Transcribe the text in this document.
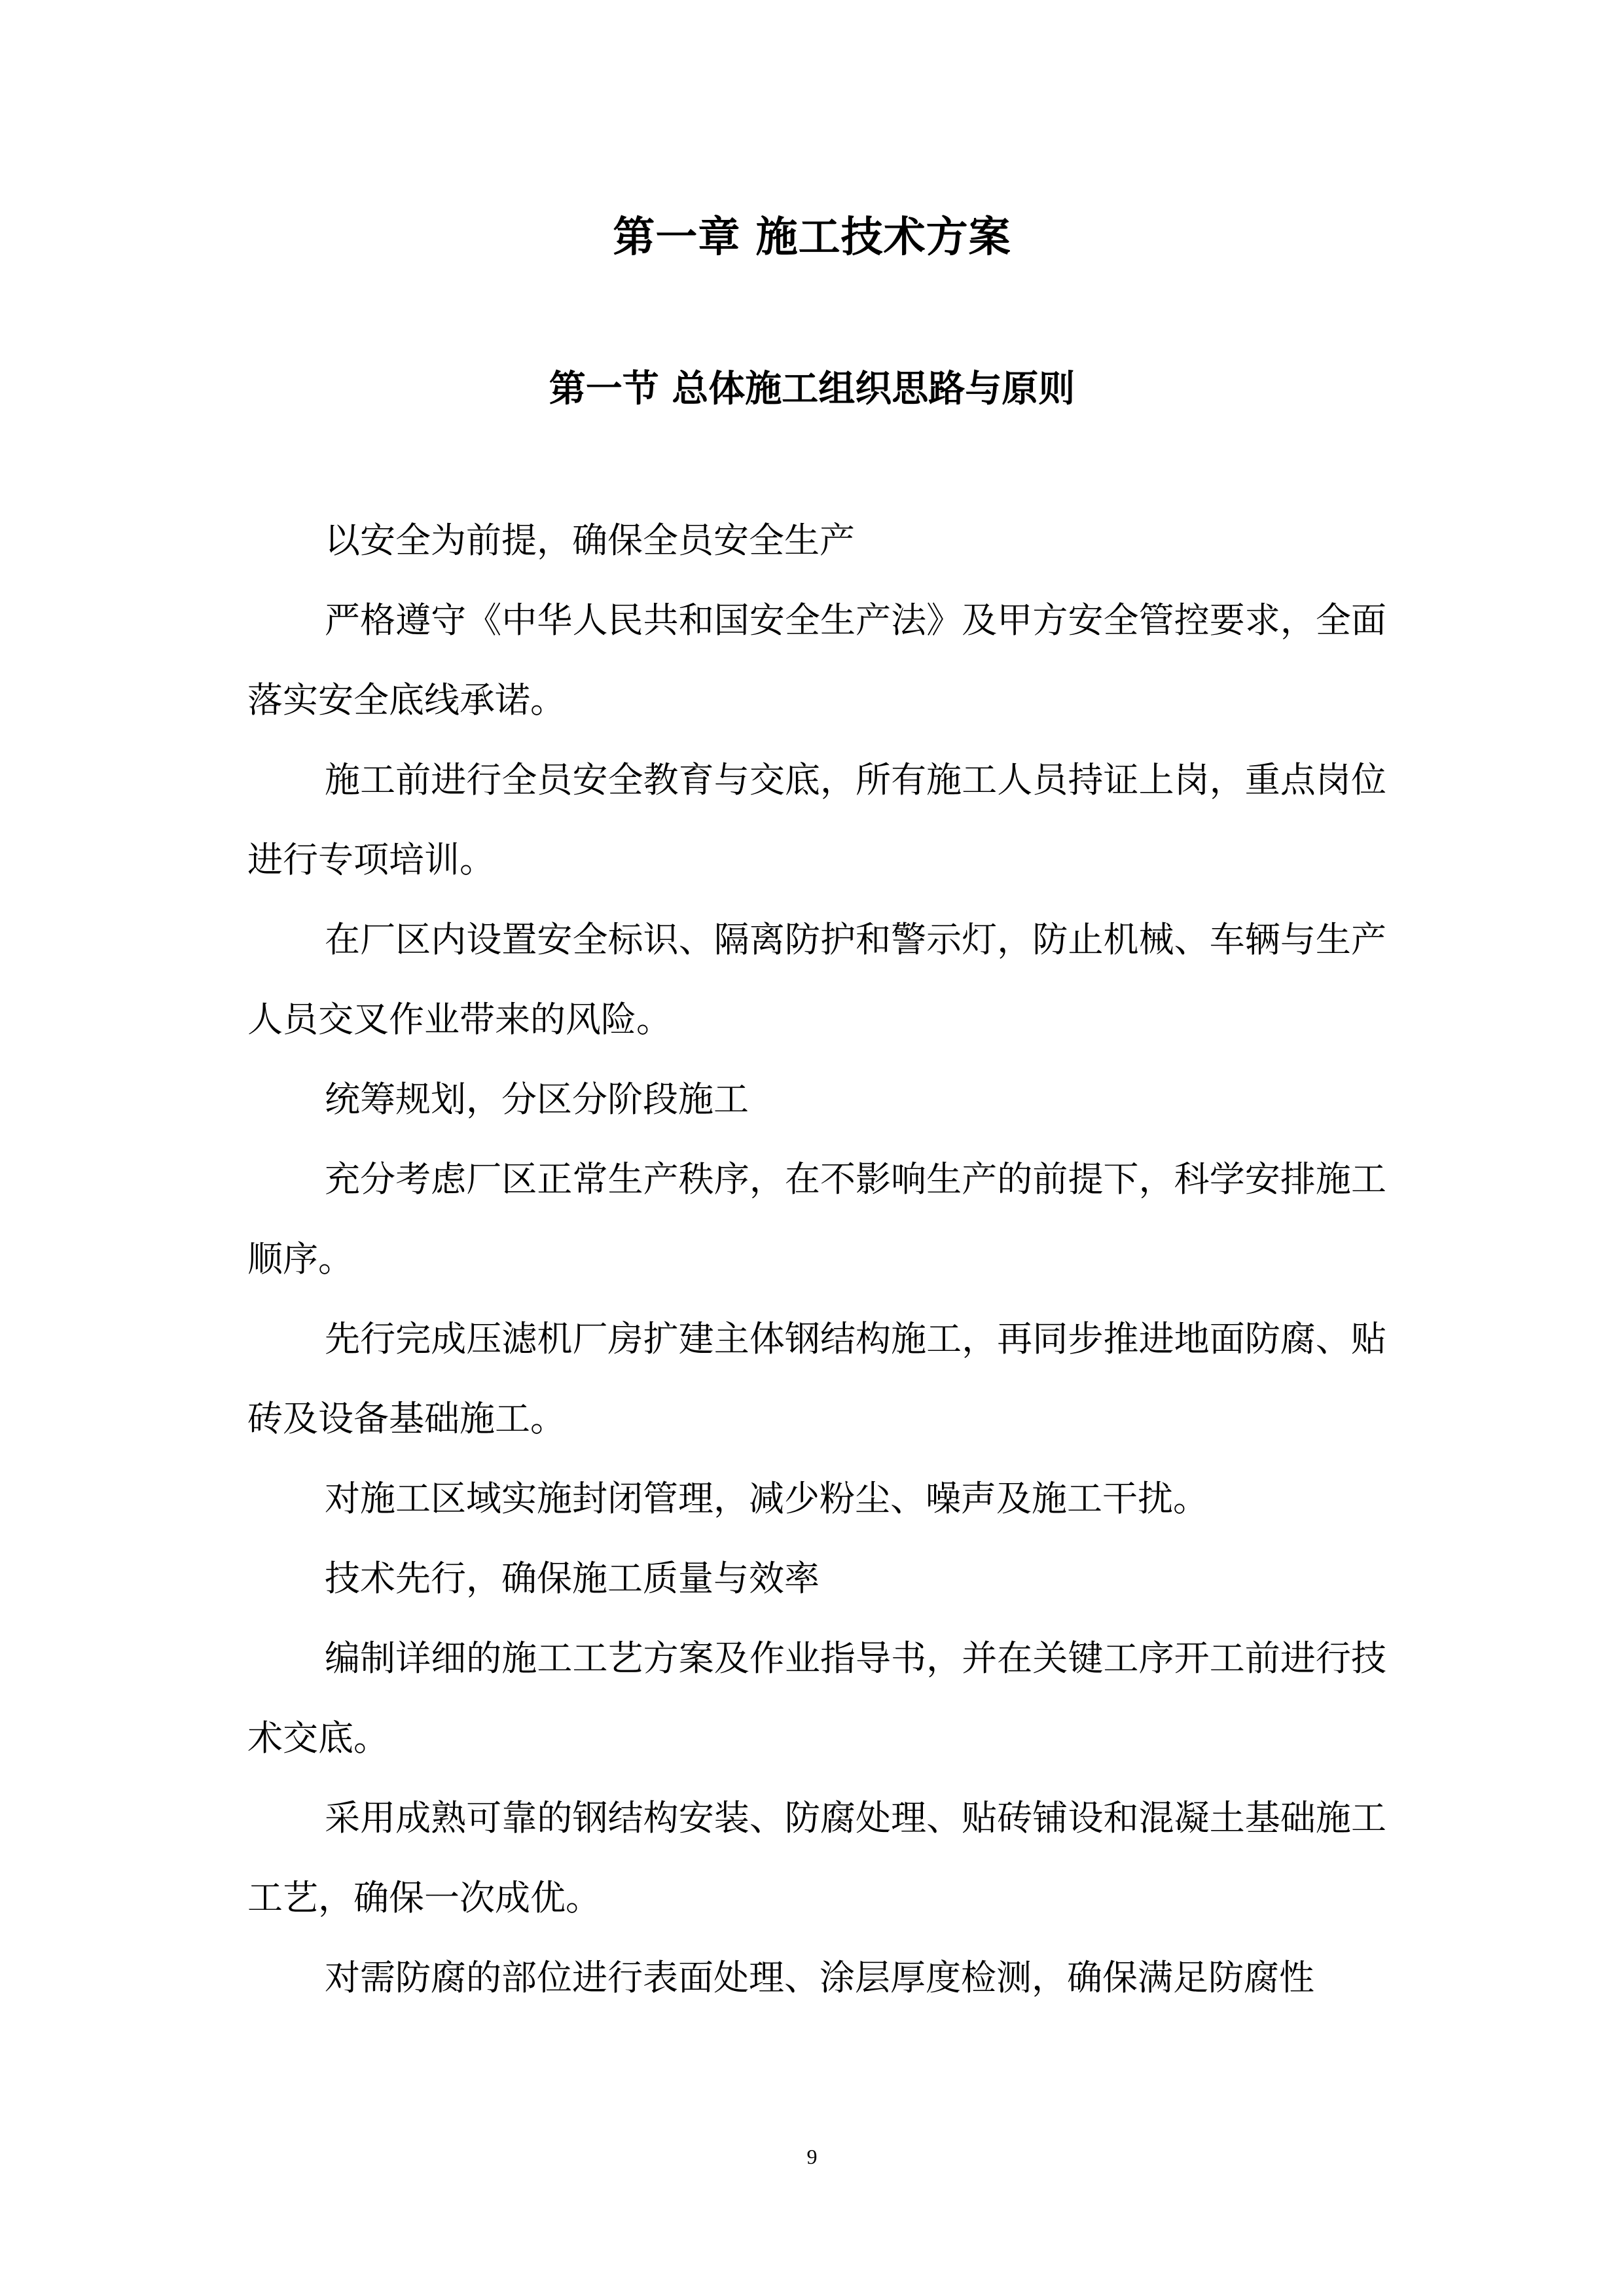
第一章 施工技术方案
第一节 总体施工组织思路与原则

以安全为前提，确保全员安全生产

严格遵守《中华人民共和国安全生产法》及甲方安全管控要求，全面落实安全底线承诺。

施工前进行全员安全教育与交底，所有施工人员持证上岗，重点岗位进行专项培训。

在厂区内设置安全标识、隔离防护和警示灯，防止机械、车辆与生产人员交叉作业带来的风险。

统筹规划，分区分阶段施工

充分考虑厂区正常生产秩序，在不影响生产的前提下，科学安排施工顺序。

先行完成压滤机厂房扩建主体钢结构施工，再同步推进地面防腐、贴砖及设备基础施工。

对施工区域实施封闭管理，减少粉尘、噪声及施工干扰。

技术先行，确保施工质量与效率

编制详细的施工工艺方案及作业指导书，并在关键工序开工前进行技术交底。

采用成熟可靠的钢结构安装、防腐处理、贴砖铺设和混凝土基础施工工艺，确保一次成优。

对需防腐的部位进行表面处理、涂层厚度检测，确保满足防腐性

9
